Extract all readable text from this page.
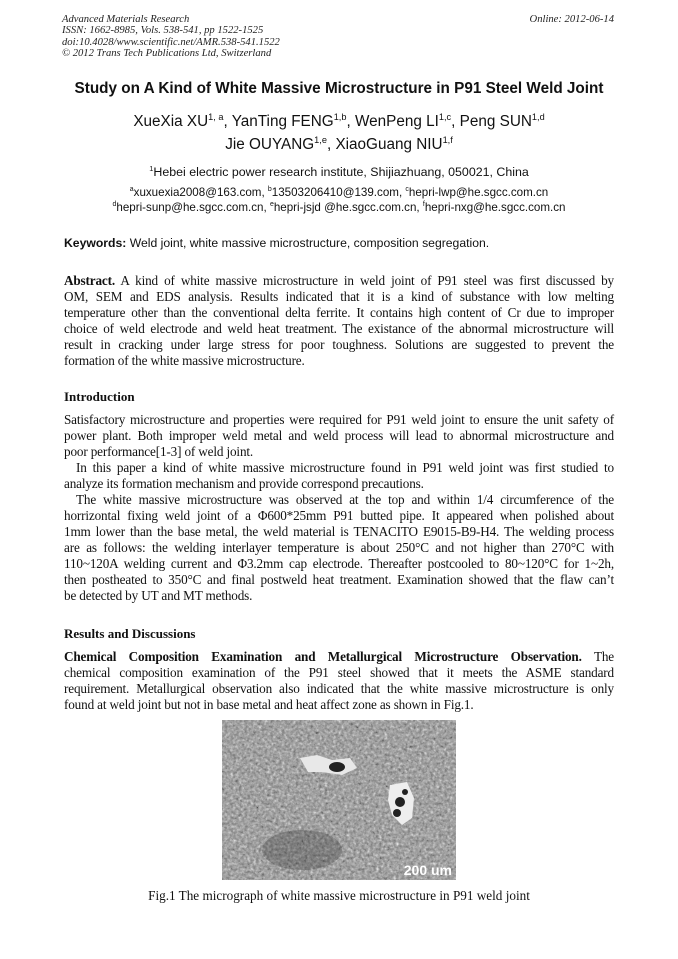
Advanced Materials Research
ISSN: 1662-8985, Vols. 538-541, pp 1522-1525
doi:10.4028/www.scientific.net/AMR.538-541.1522
© 2012 Trans Tech Publications Ltd, Switzerland
Online: 2012-06-14
Study on A Kind of White Massive Microstructure in P91 Steel Weld Joint
XueXia XU$^{1, a}$, YanTing FENG$^{1,b}$, WenPeng LI$^{1,c}$, Peng SUN$^{1,d}$
Jie OUYANG$^{1,e}$, XiaoGuang NIU$^{1,f}$
$^1$Hebei electric power research institute, Shijiazhuang, 050021, China
$^a$xuxuexia2008@163.com, $^b$13503206410@139.com, $^c$hepri-lwp@he.sgcc.com.cn
$^d$hepri-sunp@he.sgcc.com.cn, $^e$hepri-jsjd @he.sgcc.com.cn, $^f$hepri-nxg@he.sgcc.com.cn
Keywords: Weld joint, white massive microstructure, composition segregation.
Abstract. A kind of white massive microstructure in weld joint of P91 steel was first discussed by
OM, SEM and EDS analysis. Results indicated that it is a kind of substance with low melting
temperature other than the conventional delta ferrite. It contains high content of Cr due to improper
choice of weld electrode and weld heat treatment. The existance of the abnormal microstructure will
result in cracking under large stress for poor toughness. Solutions are suggested to prevent the
formation of the white massive microstructure.
Introduction
Satisfactory microstructure and properties were required for P91 weld joint to ensure the unit safety of
power plant. Both improper weld metal and weld process will lead to abnormal microstructure and
poor performance[1-3] of weld joint.
In this paper a kind of white massive microstructure found in P91 weld joint was first studied to
analyze its formation mechanism and provide correspond precautions.
The white massive microstructure was observed at the top and within 1/4 circumference of the
horrizontal fixing weld joint of a Φ600*25mm P91 butted pipe. It appeared when polished about
1mm lower than the base metal, the weld material is TENACITO E9015-B9-H4. The welding process
are as follows: the welding interlayer temperature is about 250°C and not higher than 270°C with
110~120A welding current and Φ3.2mm cap electrode. Thereafter postcooled to 80~120°C for 1~2h,
then postheated to 350°C and final postweld heat treatment. Examination showed that the flaw can’t
be detected by UT and MT methods.
Results and Discussions
Chemical Composition Examination and Metallurgical Microstructure Observation. The
chemical composition examination of the P91 steel showed that it meets the ASME standard
requirement. Metallurgical observation also indicated that the white massive microstructure is only
found at weld joint but not in base metal and heat affect zone as shown in Fig.1.
200 um
Fig.1 The micrograph of white massive microstructure in P91 weld joint
